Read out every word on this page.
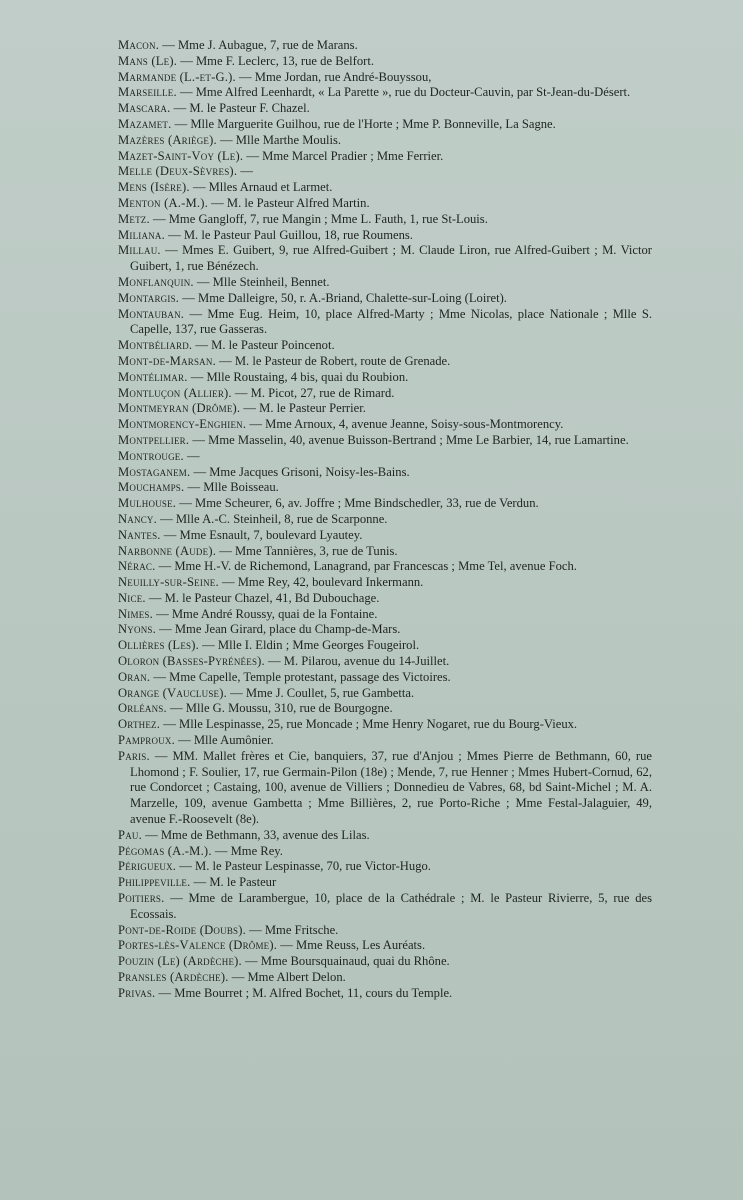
Macon. — Mme J. Aubague, 7, rue de Marans.

Mans (Le). — Mme F. Leclerc, 13, rue de Belfort.

Marmande (L.-et-G.). — Mme Jordan, rue André-Bouyssou,

Marseille. — Mme Alfred Leenhardt, « La Parette », rue du Docteur-Cauvin, par St-Jean-du-Désert.

Mascara. — M. le Pasteur F. Chazel.

Mazamet. — Mlle Marguerite Guilhou, rue de l'Horte ; Mme P. Bonneville, La Sagne.

Mazères (Ariège). — Mlle Marthe Moulis.

Mazet-Saint-Voy (Le). — Mme Marcel Pradier ; Mme Ferrier.

Melle (Deux-Sèvres). —

Mens (Isère). — Mlles Arnaud et Larmet.

Menton (A.-M.). — M. le Pasteur Alfred Martin.

Metz. — Mme Gangloff, 7, rue Mangin ; Mme L. Fauth, 1, rue St-Louis.

Miliana. — M. le Pasteur Paul Guillou, 18, rue Roumens.

Millau. — Mmes E. Guibert, 9, rue Alfred-Guibert ; M. Claude Liron, rue Alfred-Guibert ; M. Victor Guibert, 1, rue Bénézech.

Monflanquin. — Mlle Steinheil, Bennet.

Montargis. — Mme Dalleigre, 50, r. A.-Briand, Chalette-sur-Loing (Loiret).

Montauban. — Mme Eug. Heim, 10, place Alfred-Marty ; Mme Nicolas, place Nationale ; Mlle S. Capelle, 137, rue Gasseras.

Montbéliard. — M. le Pasteur Poincenot.

Mont-de-Marsan. — M. le Pasteur de Robert, route de Grenade.

Montélimar. — Mlle Roustaing, 4 bis, quai du Roubion.

Montluçon (Allier). — M. Picot, 27, rue de Rimard.

Montmeyran (Drôme). — M. le Pasteur Perrier.

Montmorency-Enghien. — Mme Arnoux, 4, avenue Jeanne, Soisy-sous-Montmorency.

Montpellier. — Mme Masselin, 40, avenue Buisson-Bertrand ; Mme Le Barbier, 14, rue Lamartine.

Montrouge. —

Mostaganem. — Mme Jacques Grisoni, Noisy-les-Bains.

Mouchamps. — Mlle Boisseau.

Mulhouse. — Mme Scheurer, 6, av. Joffre ; Mme Bindschedler, 33, rue de Verdun.

Nancy. — Mlle A.-C. Steinheil, 8, rue de Scarponne.

Nantes. — Mme Esnault, 7, boulevard Lyautey.

Narbonne (Aude). — Mme Tannières, 3, rue de Tunis.

Nérac. — Mme H.-V. de Richemond, Lanagrand, par Francescas ; Mme Tel, avenue Foch.

Neuilly-sur-Seine. — Mme Rey, 42, boulevard Inkermann.

Nice. — M. le Pasteur Chazel, 41, Bd Dubouchage.

Nimes. — Mme André Roussy, quai de la Fontaine.

Nyons. — Mme Jean Girard, place du Champ-de-Mars.

Ollières (Les). — Mlle I. Eldin ; Mme Georges Fougeirol.

Oloron (Basses-Pyrénées). — M. Pilarou, avenue du 14-Juillet.

Oran. — Mme Capelle, Temple protestant, passage des Victoires.

Orange (Vaucluse). — Mme J. Coullet, 5, rue Gambetta.

Orléans. — Mlle G. Moussu, 310, rue de Bourgogne.

Orthez. — Mlle Lespinasse, 25, rue Moncade ; Mme Henry Nogaret, rue du Bourg-Vieux.

Pamproux. — Mlle Aumônier.

Paris. — MM. Mallet frères et Cie, banquiers, 37, rue d'Anjou ; Mmes Pierre de Bethmann, 60, rue Lhomond ; F. Soulier, 17, rue Germain-Pilon (18e) ; Mende, 7, rue Henner ; Mmes Hubert-Cornud, 62, rue Condorcet ; Castaing, 100, avenue de Villiers ; Donnedieu de Vabres, 68, bd Saint-Michel ; M. A. Marzelle, 109, avenue Gambetta ; Mme Billières, 2, rue Porto-Riche ; Mme Festal-Jalaguier, 49, avenue F.-Roosevelt (8e).

Pau. — Mme de Bethmann, 33, avenue des Lilas.

Pégomas (A.-M.). — Mme Rey.

Périgueux. — M. le Pasteur Lespinasse, 70, rue Victor-Hugo.

Philippeville. — M. le Pasteur

Poitiers. — Mme de Larambergue, 10, place de la Cathédrale ; M. le Pasteur Rivierre, 5, rue des Ecossais.

Pont-de-Roide (Doubs). — Mme Fritsche.

Portes-lès-Valence (Drôme). — Mme Reuss, Les Auréats.

Pouzin (Le) (Ardèche). — Mme Boursquainaud, quai du Rhône.

Pransles (Ardèche). — Mme Albert Delon.

Privas. — Mme Bourret ; M. Alfred Bochet, 11, cours du Temple.
